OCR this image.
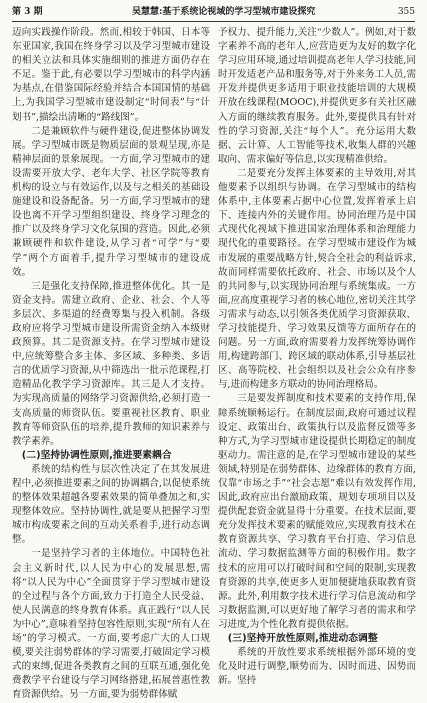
第 3 期	吴慧慧:基于系统论视域的学习型城市建设探究	355

迈向实践操作阶段。然而,相较于韩国、日本等东亚国家,我国在终身学习以及学习型城市建设的相关立法和具体实施细则的推进方面仍存在不足。鉴于此,有必要以学习型城市的科学内涵为基点,在借鉴国际经验并结合本国国情的基础上,为我国学习型城市建设制定“时间表”与“计划书”,描绘出清晰的“路线图”。

二是兼顾软件与硬件建设,促进整体协调发展。学习型城市既是物质层面的景观呈现,亦是精神层面的景象展现。一方面,学习型城市的建设需要开放大学、老年大学、社区学院等教育机构的设立与有效运作,以及与之相关的基础设施建设和设备配备。另一方面,学习型城市的建设也离不开学习型组织建设、终身学习理念的推广以及终身学习文化氛围的营造。因此,必须兼顾硬件和软件建设,从学习者“可学”与“要学”两个方面着手,提升学习型城市的建设成效。

三是强化支持保障,推进整体优化。其一是资金支持。需建立政府、企业、社会、个人等多层次、多渠道的经费筹集与投入机制。各级政府应将学习型城市建设所需资金纳入本级财政预算。其二是资源支持。在学习型城市建设中,应统筹整合多主体、多区域、多种类、多语言的优质学习资源,从中筛选出一批示范课程,打造精品化教学学习资源库。其三是人才支持。为实现高质量的网络学习资源供给,必须打造一支高质量的师资队伍。要重视社区教育、职业教育等师资队伍的培养,提升教师的知识素养与教学素养。

(二)坚持协调性原则,推进要素耦合

系统的结构性与层次性决定了在其发展进程中,必须推进要素之间的协调耦合,以促使系统的整体效果超越各要素效果的简单叠加之和,实现整体效应。坚持协调性,就是要从把握学习型城市构成要素之间的互动关系着手,进行动态调整。

一是坚持学习者的主体地位。中国特色社会主义新时代,以人民为中心的发展思想,需将“以人民为中心”全面贯穿于学习型城市建设的全过程与各个方面,致力于打造全人民受益、使人民满意的终身教育体系。真正践行“以人民为中心”,意味着坚持包容性原则,实现“所有人在场”的学习模式。一方面,要考虑广大的人口规模,要关注弱势群体的学习需要,打破固定学习模式的束缚,促进各类教育之间的互联互通,强化免费教学平台建设与学习网络搭建,拓展普惠性教育资源供给。另一方面,要为弱势群体赋

予权力、提升能力,关注“少数人”。例如,对于数字素养不高的老年人,应营造更为友好的数字化学习应用环境,通过培训提高老年人学习技能,同时开发适老产品和服务等,对于外来务工人员,需开发并提供更多适用于职业技能培训的大规模开放在线课程(MOOC),并提供更多有关社区融入方面的继续教育服务。此外,要提供具有针对性的学习资源,关注“每个人”。充分运用大数据、云计算、人工智能等技术,收集人群的兴趣取向、需求偏好等信息,以实现精准供给。

二是要充分发挥主体要素的主导效用,对其他要素予以组织与协调。在学习型城市的结构体系中,主体要素占据中心位置,发挥着承上启下、连接内外的关键作用。协同治理乃是中国式现代化视域下推进国家治理体系和治理能力现代化的重要路径。在学习型城市建设作为城市发展的重要战略方针,契合全社会的利益诉求,故而同样需要依托政府、社会、市场以及个人的共同参与,以实现协同治理与系统集成。一方面,应高度重视学习者的核心地位,密切关注其学习需求与动态,以引领各类优质学习资源获取、学习技能提升、学习效果反馈等方面所存在的问题。另一方面,政府需要着力发挥统筹协调作用,构建跨部门、跨区域的联动体系,引导基层社区、高等院校、社会组织以及社会公众有序参与,进而构建多方联动的协同治理格局。

三是要发挥制度和技术要素的支持作用,保障系统顺畅运行。在制度层面,政府可通过议程设定、政策出台、政策执行以及监督反馈等多种方式,为学习型城市建设提供长期稳定的制度驱动力。需注意的是,在学习型城市建设的某些领域,特别是在弱势群体、边缘群体的教育方面,仅靠“市场之手”“社会志愿”难以有效发挥作用,因此,政府应出台激励政策、规划专项项目以及提供配套资金就显得十分重要。在技术层面,要充分发挥技术要素的赋能效应,实现教育技术在教育资源共享、学习教育平台打造、学习信息流动、学习数据监测等方面的积极作用。数字技术的应用可以打破时间和空间的限制,实现教育资源的共享,使更多人更加便捷地获取教育资源。此外,利用数字技术进行学习信息流动和学习数据监测,可以更好地了解学习者的需求和学习进度,为个性化教育提供依据。

(三)坚持开放性原则,推进动态调整

系统的开放性要求系统根据外部环境的变化及时进行调整,顺势而为、因时而进、因势而新。坚持
